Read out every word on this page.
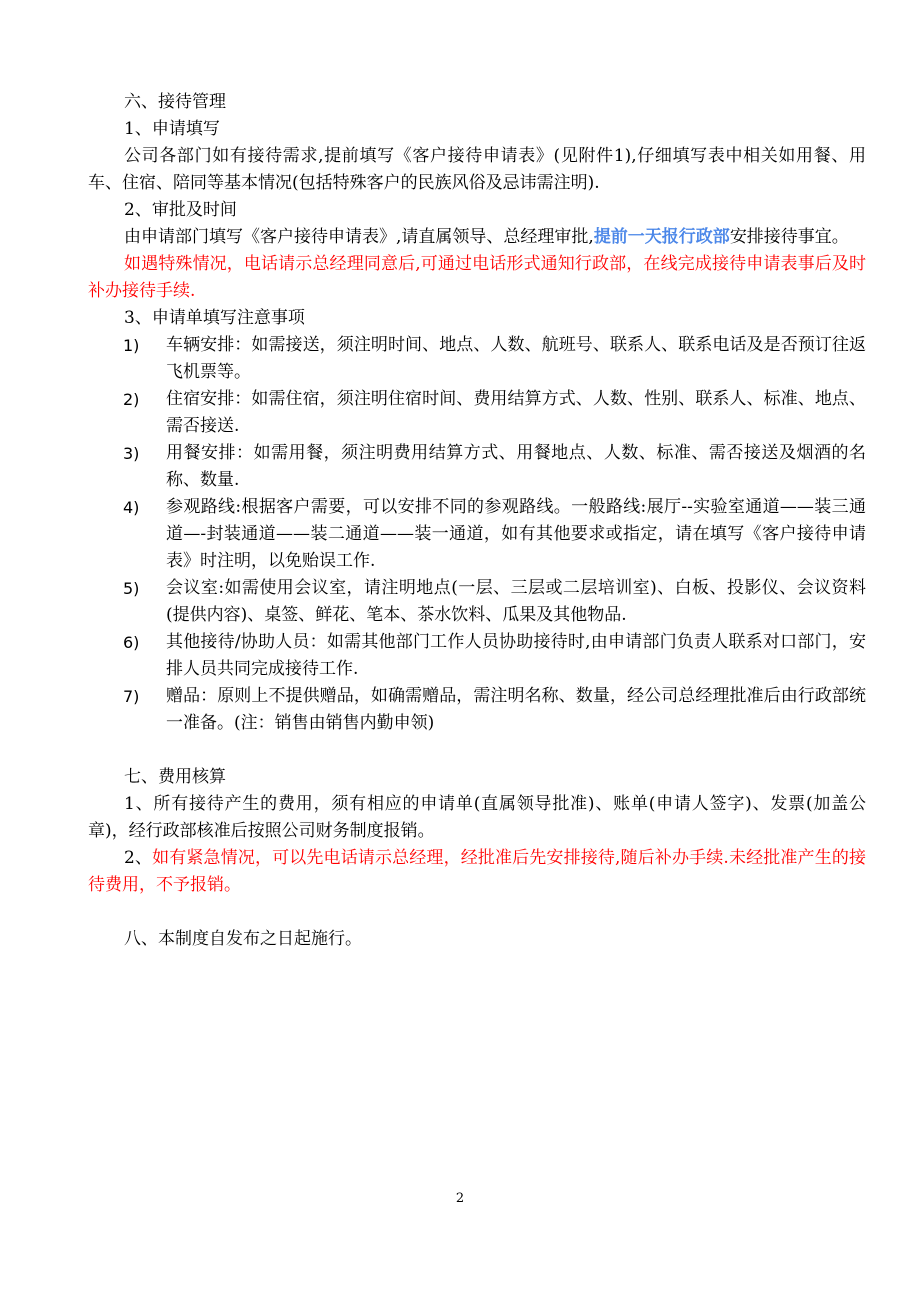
六、接待管理

1、申请填写

公司各部门如有接待需求,提前填写《客户接待申请表》(见附件1),仔细填写表中相关如用餐、用车、住宿、陪同等基本情况(包括特殊客户的民族风俗及忌讳需注明).

2、审批及时间

由申请部门填写《客户接待申请表》,请直属领导、总经理审批,提前一天报行政部安排接待事宜。

如遇特殊情况，电话请示总经理同意后,可通过电话形式通知行政部，在线完成接待申请表事后及时补办接待手续.

3、申请单填写注意事项

1)	车辆安排：如需接送，须注明时间、地点、人数、航班号、联系人、联系电话及是否预订往返飞机票等。
2)	住宿安排：如需住宿，须注明住宿时间、费用结算方式、人数、性别、联系人、标准、地点、需否接送.
3)	用餐安排：如需用餐，须注明费用结算方式、用餐地点、人数、标准、需否接送及烟酒的名称、数量.
4)	参观路线:根据客户需要，可以安排不同的参观路线。一般路线:展厅--实验室通道——装三通道—-封装通道——装二通道——装一通道，如有其他要求或指定，请在填写《客户接待申请表》时注明，以免贻误工作.
5)	会议室:如需使用会议室，请注明地点(一层、三层或二层培训室)、白板、投影仪、会议资料(提供内容)、桌签、鲜花、笔本、茶水饮料、瓜果及其他物品.
6)	其他接待/协助人员：如需其他部门工作人员协助接待时,由申请部门负责人联系对口部门，安排人员共同完成接待工作.
7)	赠品：原则上不提供赠品，如确需赠品，需注明名称、数量，经公司总经理批准后由行政部统一准备。(注：销售由销售内勤申领)

七、费用核算

1、所有接待产生的费用，须有相应的申请单(直属领导批准)、账单(申请人签字)、发票(加盖公章)，经行政部核准后按照公司财务制度报销。

2、如有紧急情况，可以先电话请示总经理，经批准后先安排接待,随后补办手续.未经批准产生的接待费用，不予报销。

八、本制度自发布之日起施行。

2
